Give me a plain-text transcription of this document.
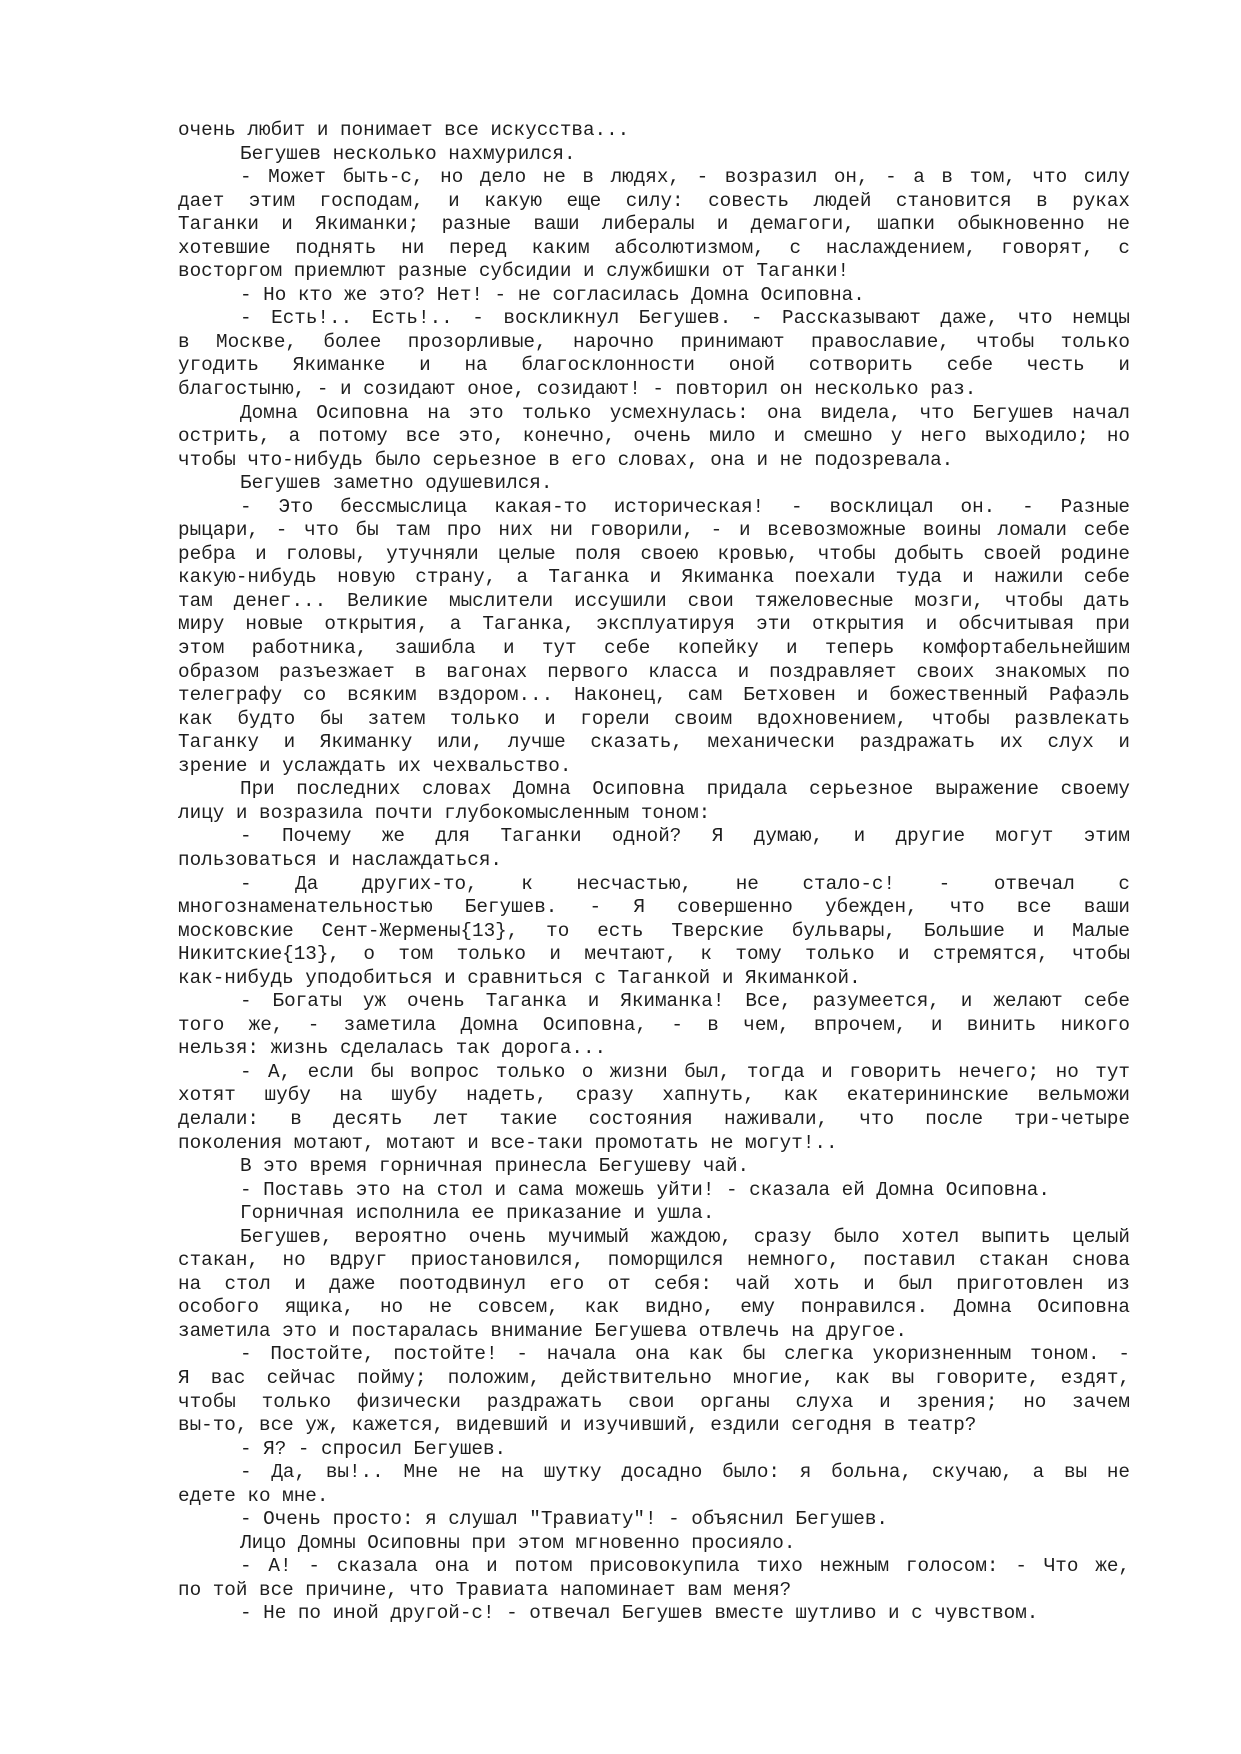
очень любит и понимает все искусства...
Бегушев несколько нахмурился.
- Может быть-с, но дело не в людях, - возразил он, - а в том, что силу
дает этим господам, и какую еще силу: совесть людей становится в руках
Таганки и Якиманки; разные ваши либералы и демагоги, шапки обыкновенно не
хотевшие поднять ни перед каким абсолютизмом, с наслаждением, говорят, с
восторгом приемлют разные субсидии и службишки от Таганки!
- Но кто же это? Нет! - не согласилась Домна Осиповна.
- Есть!.. Есть!.. - воскликнул Бегушев. - Рассказывают даже, что немцы
в Москве, более прозорливые, нарочно принимают православие, чтобы только
угодить Якиманке и на благосклонности оной сотворить себе честь и
благостыню, - и созидают оное, созидают! - повторил он несколько раз.
Домна Осиповна на это только усмехнулась: она видела, что Бегушев начал
острить, а потому все это, конечно, очень мило и смешно у него выходило; но
чтобы что-нибудь было серьезное в его словах, она и не подозревала.
Бегушев заметно одушевился.
- Это бессмыслица какая-то историческая! - восклицал он. - Разные
рыцари, - что бы там про них ни говорили, - и всевозможные воины ломали себе
ребра и головы, утучняли целые поля своею кровью, чтобы добыть своей родине
какую-нибудь новую страну, а Таганка и Якиманка поехали туда и нажили себе
там денег... Великие мыслители иссушили свои тяжеловесные мозги, чтобы дать
миру новые открытия, а Таганка, эксплуатируя эти открытия и обсчитывая при
этом работника, зашибла и тут себе копейку и теперь комфортабельнейшим
образом разъезжает в вагонах первого класса и поздравляет своих знакомых по
телеграфу со всяким вздором... Наконец, сам Бетховен и божественный Рафаэль
как будто бы затем только и горели своим вдохновением, чтобы развлекать
Таганку и Якиманку или, лучше сказать, механически раздражать их слух и
зрение и услаждать их чехвальство.
При последних словах Домна Осиповна придала серьезное выражение своему
лицу и возразила почти глубокомысленным тоном:
- Почему же для Таганки одной? Я думаю, и другие могут этим
пользоваться и наслаждаться.
- Да других-то, к несчастью, не стало-с! - отвечал с
многознаменательностью Бегушев. - Я совершенно убежден, что все ваши
московские Сент-Жермены{13}, то есть Тверские бульвары, Большие и Малые
Никитские{13}, о том только и мечтают, к тому только и стремятся, чтобы
как-нибудь уподобиться и сравниться с Таганкой и Якиманкой.
- Богаты уж очень Таганка и Якиманка! Все, разумеется, и желают себе
того же, - заметила Домна Осиповна, - в чем, впрочем, и винить никого
нельзя: жизнь сделалась так дорога...
- А, если бы вопрос только о жизни был, тогда и говорить нечего; но тут
хотят шубу на шубу надеть, сразу хапнуть, как екатерининские вельможи
делали: в десять лет такие состояния наживали, что после три-четыре
поколения мотают, мотают и все-таки промотать не могут!..
В это время горничная принесла Бегушеву чай.
- Поставь это на стол и сама можешь уйти! - сказала ей Домна Осиповна.
Горничная исполнила ее приказание и ушла.
Бегушев, вероятно очень мучимый жаждою, сразу было хотел выпить целый
стакан, но вдруг приостановился, поморщился немного, поставил стакан снова
на стол и даже поотодвинул его от себя: чай хоть и был приготовлен из
особого ящика, но не совсем, как видно, ему понравился. Домна Осиповна
заметила это и постаралась внимание Бегушева отвлечь на другое.
- Постойте, постойте! - начала она как бы слегка укоризненным тоном. -
Я вас сейчас пойму; положим, действительно многие, как вы говорите, ездят,
чтобы только физически раздражать свои органы слуха и зрения; но зачем
вы-то, все уж, кажется, видевший и изучивший, ездили сегодня в театр?
- Я? - спросил Бегушев.
- Да, вы!.. Мне не на шутку досадно было: я больна, скучаю, а вы не
едете ко мне.
- Очень просто: я слушал "Травиату"! - объяснил Бегушев.
Лицо Домны Осиповны при этом мгновенно просияло.
- А! - сказала она и потом присовокупила тихо нежным голосом: - Что же,
по той все причине, что Травиата напоминает вам меня?
- Не по иной другой-с! - отвечал Бегушев вместе шутливо и с чувством.
